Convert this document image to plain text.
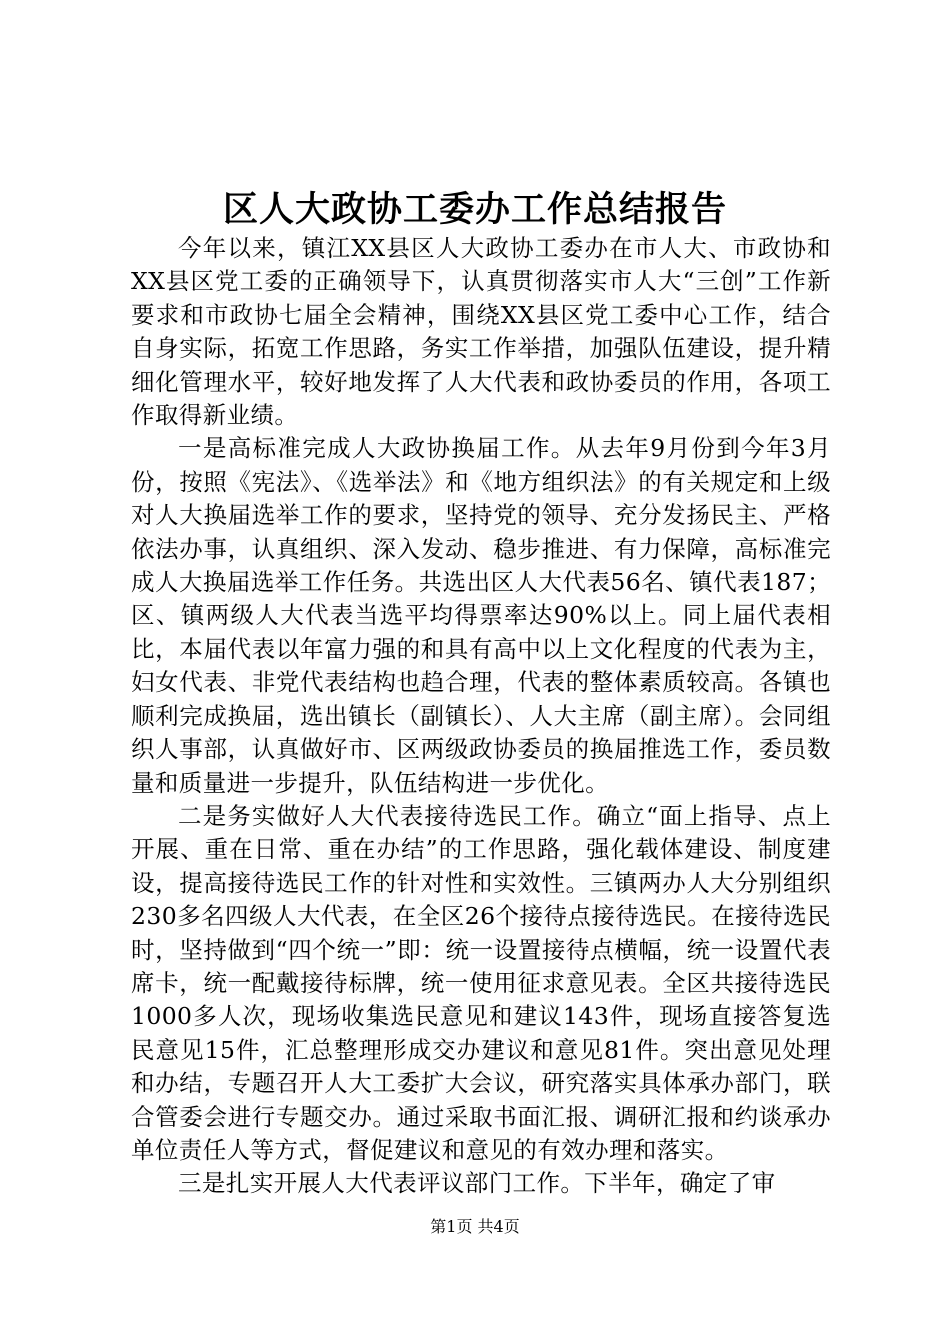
区人大政协工委办工作总结报告

今年以来，镇江XX县区人大政协工委办在市人大、市政协和XX县区党工委的正确领导下，认真贯彻落实市人大“三创”工作新要求和市政协七届全会精神，围绕XX县区党工委中心工作，结合自身实际，拓宽工作思路，务实工作举措，加强队伍建设，提升精细化管理水平，较好地发挥了人大代表和政协委员的作用，各项工作取得新业绩。

一是高标准完成人大政协换届工作。从去年9月份到今年3月份，按照《宪法》、《选举法》和《地方组织法》的有关规定和上级对人大换届选举工作的要求，坚持党的领导、充分发扬民主、严格依法办事，认真组织、深入发动、稳步推进、有力保障，高标准完成人大换届选举工作任务。共选出区人大代表56名、镇代表187；区、镇两级人大代表当选平均得票率达90%以上。同上届代表相比，本届代表以年富力强的和具有高中以上文化程度的代表为主，妇女代表、非党代表结构也趋合理，代表的整体素质较高。各镇也顺利完成换届，选出镇长（副镇长）、人大主席（副主席）。会同组织人事部，认真做好市、区两级政协委员的换届推选工作，委员数量和质量进一步提升，队伍结构进一步优化。

二是务实做好人大代表接待选民工作。确立“面上指导、点上开展、重在日常、重在办结”的工作思路，强化载体建设、制度建设，提高接待选民工作的针对性和实效性。三镇两办人大分别组织230多名四级人大代表，在全区26个接待点接待选民。在接待选民时，坚持做到“四个统一”即：统一设置接待点横幅，统一设置代表席卡，统一配戴接待标牌，统一使用征求意见表。全区共接待选民1000多人次，现场收集选民意见和建议143件，现场直接答复选民意见15件，汇总整理形成交办建议和意见81件。突出意见处理和办结，专题召开人大工委扩大会议，研究落实具体承办部门，联合管委会进行专题交办。通过采取书面汇报、调研汇报和约谈承办单位责任人等方式，督促建议和意见的有效办理和落实。

三是扎实开展人大代表评议部门工作。下半年，确定了审

第1页 共4页
